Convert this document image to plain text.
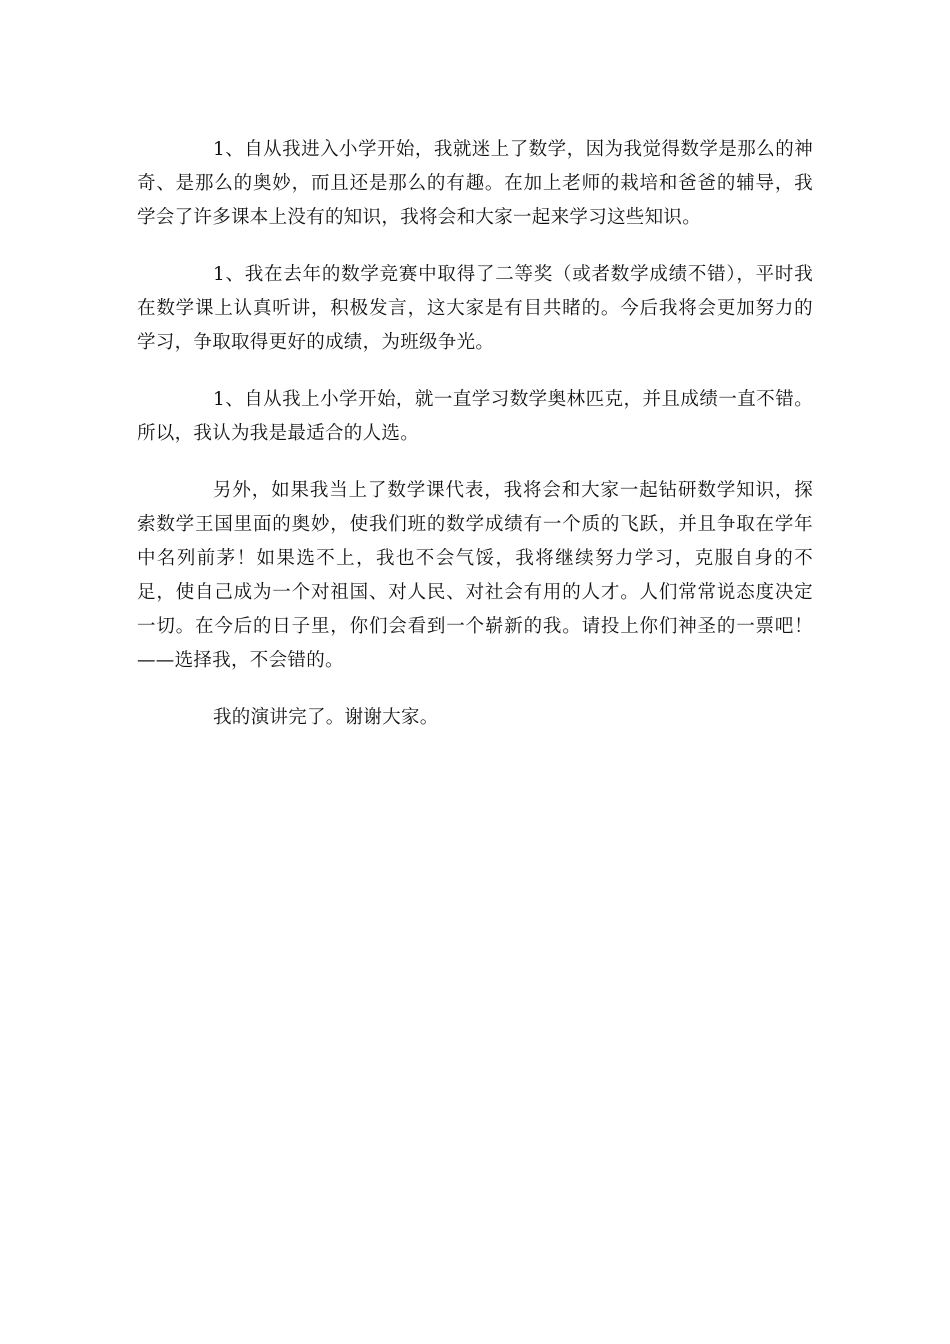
1、自从我进入小学开始，我就迷上了数学，因为我觉得数学是那么的神奇、是那么的奥妙，而且还是那么的有趣。在加上老师的栽培和爸爸的辅导，我学会了许多课本上没有的知识，我将会和大家一起来学习这些知识。

1、我在去年的数学竞赛中取得了二等奖（或者数学成绩不错），平时我在数学课上认真听讲，积极发言，这大家是有目共睹的。今后我将会更加努力的学习，争取取得更好的成绩，为班级争光。

1、自从我上小学开始，就一直学习数学奥林匹克，并且成绩一直不错。所以，我认为我是最适合的人选。

另外，如果我当上了数学课代表，我将会和大家一起钻研数学知识，探索数学王国里面的奥妙，使我们班的数学成绩有一个质的飞跃，并且争取在学年中名列前茅！如果选不上，我也不会气馁，我将继续努力学习，克服自身的不足，使自己成为一个对祖国、对人民、对社会有用的人才。人们常常说态度决定一切。在今后的日子里，你们会看到一个崭新的我。请投上你们神圣的一票吧！——选择我，不会错的。

我的演讲完了。谢谢大家。
